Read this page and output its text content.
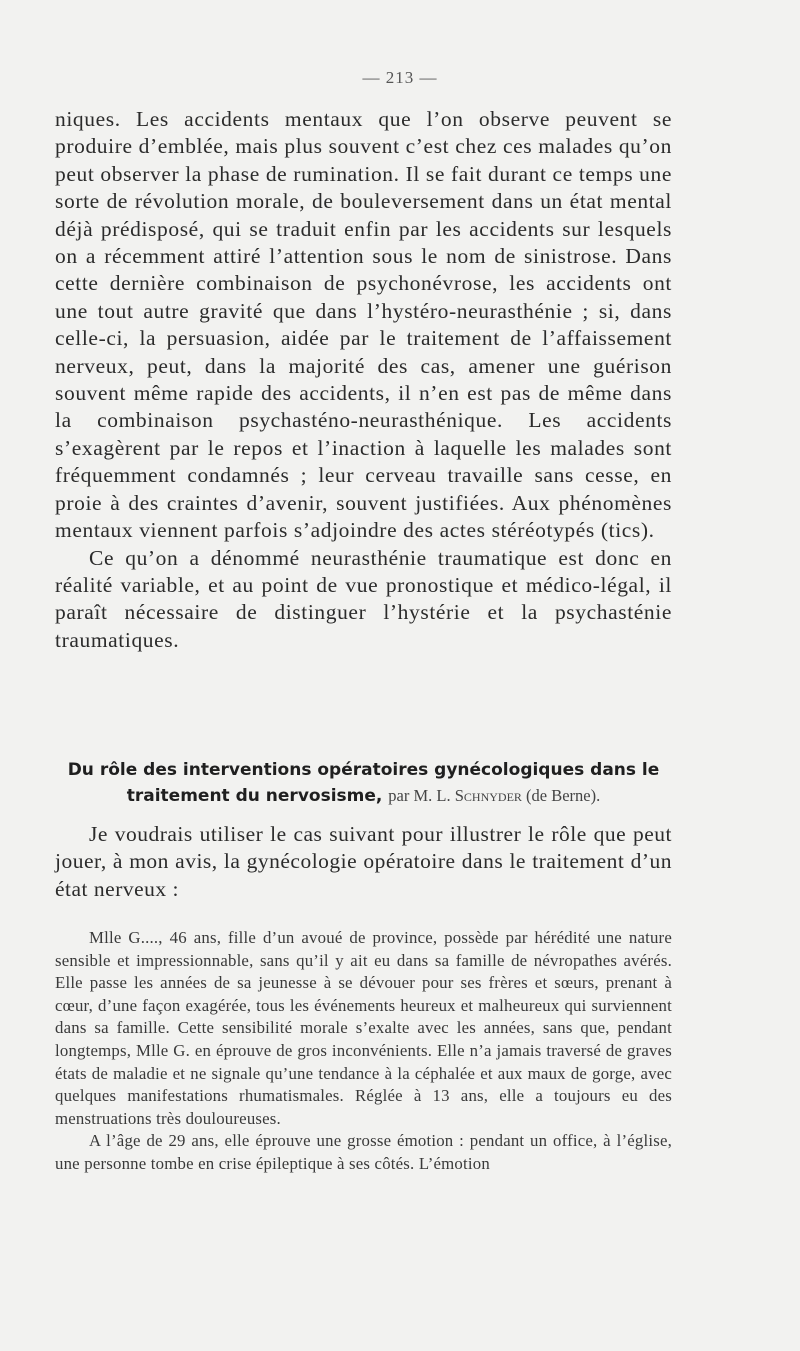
— 213 —

niques. Les accidents mentaux que l’on observe peuvent se produire d’emblée, mais plus souvent c’est chez ces malades qu’on peut observer la phase de rumination. Il se fait durant ce temps une sorte de révolution morale, de bouleversement dans un état mental déjà prédisposé, qui se traduit enfin par les accidents sur lesquels on a récemment attiré l’attention sous le nom de sinistrose. Dans cette dernière combinaison de psychonévrose, les accidents ont une tout autre gravité que dans l’hystéro-neurasthénie ; si, dans celle-ci, la persuasion, aidée par le traitement de l’affaissement nerveux, peut, dans la majorité des cas, amener une guérison souvent même rapide des accidents, il n’en est pas de même dans la combinaison psychasténo-neurasthénique. Les accidents s’exagèrent par le repos et l’inaction à laquelle les malades sont fréquemment condamnés ; leur cerveau travaille sans cesse, en proie à des craintes d’avenir, souvent justifiées. Aux phénomènes mentaux viennent parfois s’adjoindre des actes stéréotypés (tics).

Ce qu’on a dénommé neurasthénie traumatique est donc en réalité variable, et au point de vue pronostique et médico-légal, il paraît nécessaire de distinguer l’hystérie et la psychasténie traumatiques.

Du rôle des interventions opératoires gynécologiques dans le traitement du nervosisme, par M. L. Schnyder (de Berne).

Je voudrais utiliser le cas suivant pour illustrer le rôle que peut jouer, à mon avis, la gynécologie opératoire dans le traitement d’un état nerveux :

Mlle G...., 46 ans, fille d’un avoué de province, possède par hérédité une nature sensible et impressionnable, sans qu’il y ait eu dans sa famille de névropathes avérés. Elle passe les années de sa jeunesse à se dévouer pour ses frères et sœurs, prenant à cœur, d’une façon exagérée, tous les événements heureux et malheureux qui surviennent dans sa famille. Cette sensibilité morale s’exalte avec les années, sans que, pendant longtemps, Mlle G. en éprouve de gros inconvénients. Elle n’a jamais traversé de graves états de maladie et ne signale qu’une tendance à la céphalée et aux maux de gorge, avec quelques manifestations rhumatismales. Réglée à 13 ans, elle a toujours eu des menstruations très douloureuses.

A l’âge de 29 ans, elle éprouve une grosse émotion : pendant un office, à l’église, une personne tombe en crise épileptique à ses côtés. L’émotion
